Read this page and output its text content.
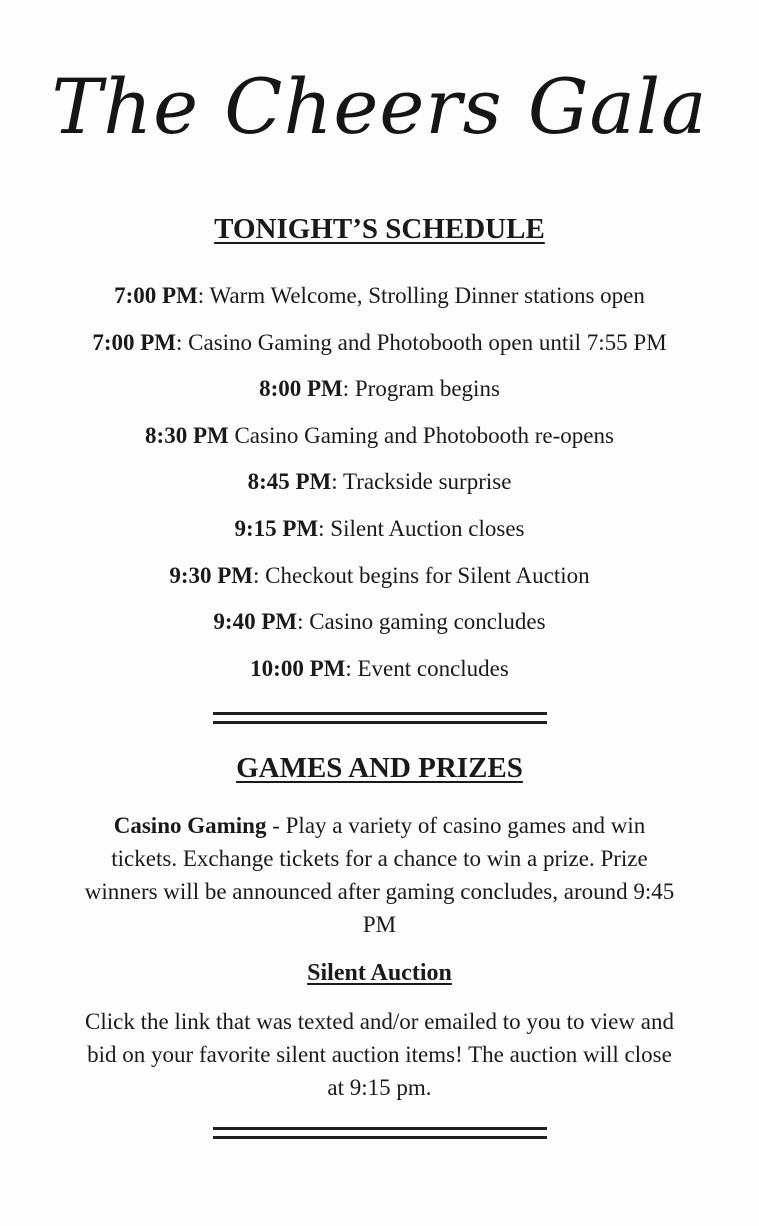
The Cheers Gala
TONIGHT’S SCHEDULE
7:00 PM: Warm Welcome, Strolling Dinner stations open
7:00 PM: Casino Gaming and Photobooth open until 7:55 PM
8:00 PM: Program begins
8:30 PM Casino Gaming and Photobooth re-opens
8:45 PM: Trackside surprise
9:15 PM: Silent Auction closes
9:30 PM: Checkout begins for Silent Auction
9:40 PM: Casino gaming concludes
10:00 PM: Event concludes
GAMES AND PRIZES
Casino Gaming - Play a variety of casino games and win tickets. Exchange tickets for a chance to win a prize. Prize winners will be announced after gaming concludes, around 9:45 PM
Silent Auction
Click the link that was texted and/or emailed to you to view and bid on your favorite silent auction items! The auction will close at 9:15 pm.
